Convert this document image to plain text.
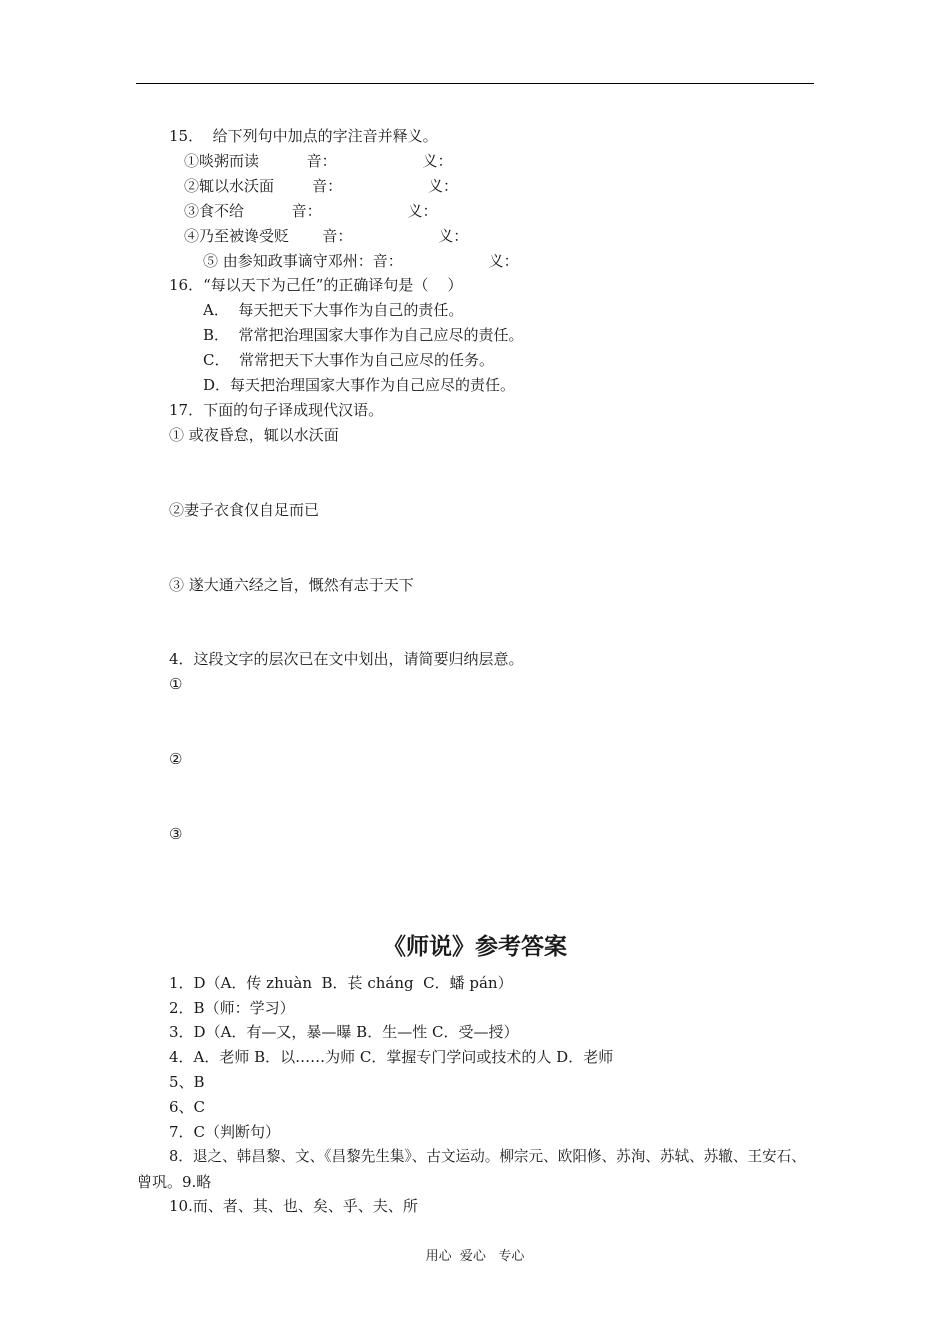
15．  给下列句中加点的字注音并释义。
①啖粥而读          音：                  义：
②辄以水沃面        音：                  义：
③食不给          音：                  义：
④乃至被谗受贬       音：                  义：
⑤ 由参知政事谪守邓州：音：                  义：
16．“每以天下为己任”的正确译句是（    ）
A．  每天把天下大事作为自己的责任。
B．  常常把治理国家大事作为自己应尽的责任。
C．  常常把天下大事作为自己应尽的任务。
D．每天把治理国家大事作为自己应尽的责任。
17．下面的句子译成现代汉语。
① 或夜昏怠，辄以水沃面
②妻子衣食仅自足而已
③ 遂大通六经之旨，慨然有志于天下
4．这段文字的层次已在文中划出，请简要归纳层意。
①
②
③
《师说》参考答案
1．D（A．传 zhuàn  B．苌 cháng  C．蟠 pán）
2．B（师：学习）
3．D（A．有—又，暴—曝 B．生—性 C．受—授）
4．A．老师 B．以……为师 C．掌握专门学问或技术的人 D．老师
5、B
6、C
7．C（判断句）
8．退之、韩昌黎、文、《昌黎先生集》、古文运动。柳宗元、欧阳修、苏洵、苏轼、苏辙、王安石、
曾巩。9.略
10.而、者、其、也、矣、乎、夫、所
用心  爱心   专心
